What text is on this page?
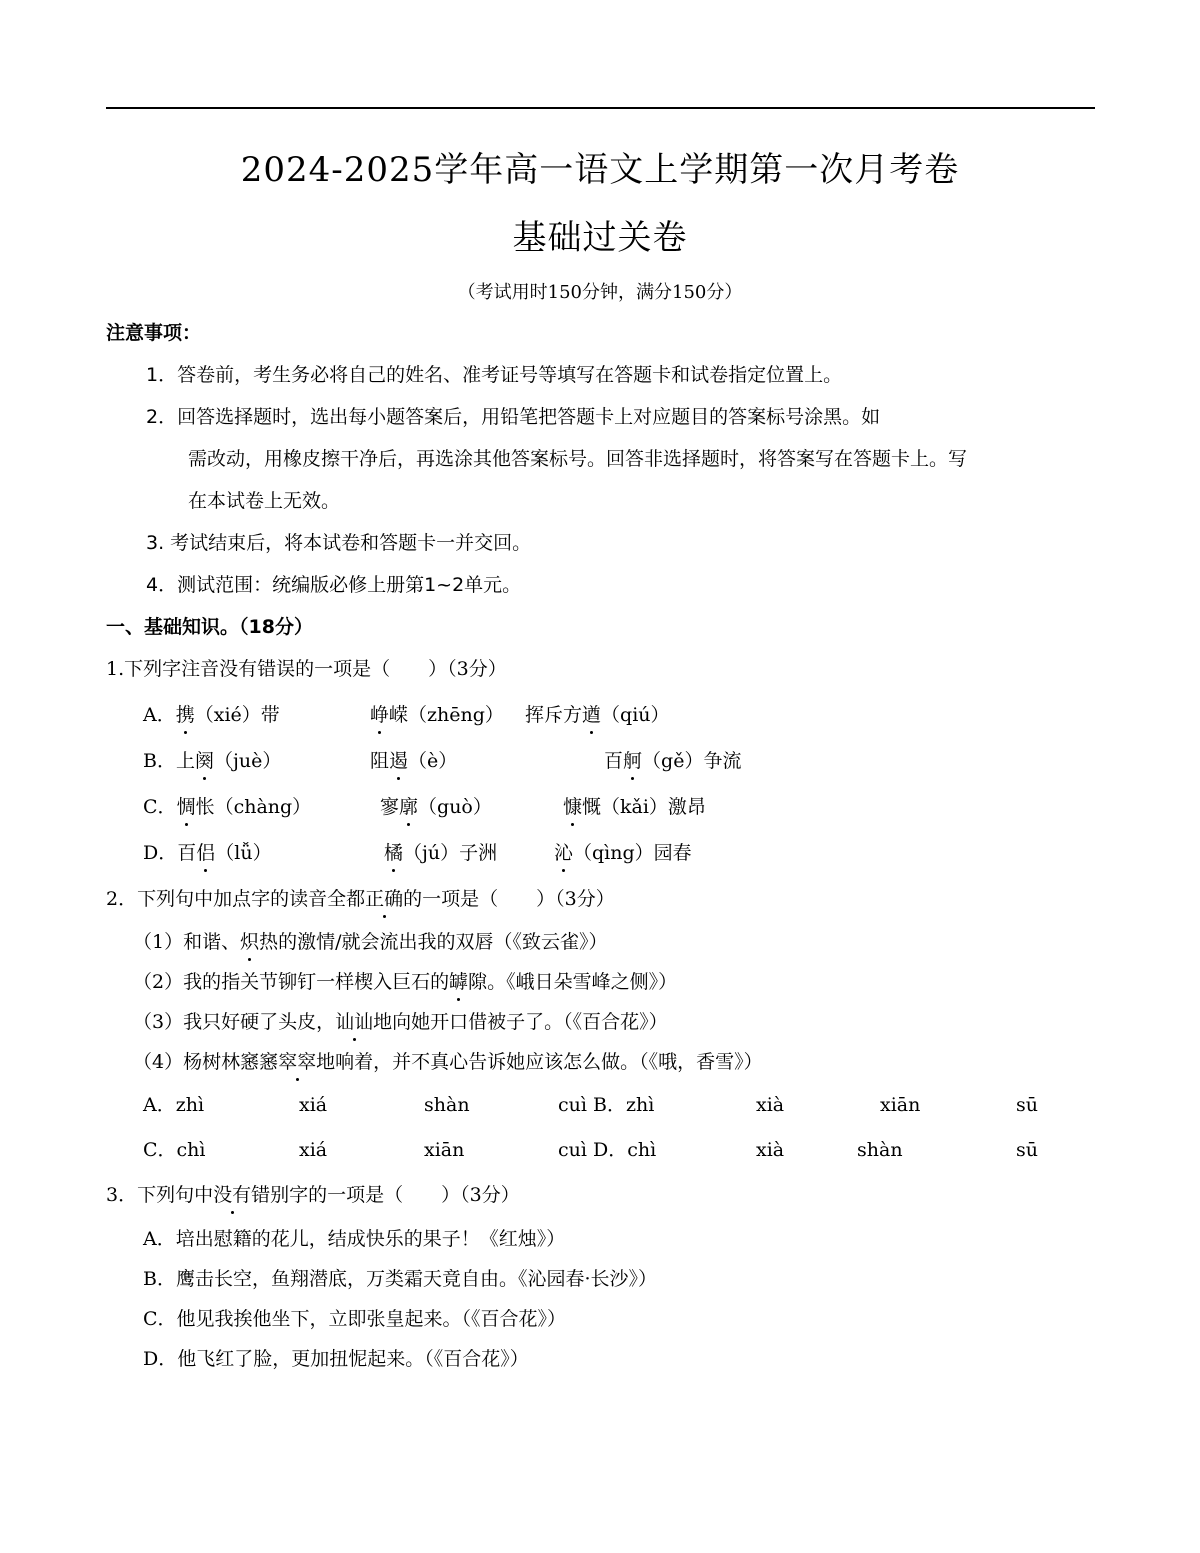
2024-2025学年高一语文上学期第一次月考卷
基础过关卷
（考试用时150分钟，满分150分）
注意事项：
1．答卷前，考生务必将自己的姓名、准考证号等填写在答题卡和试卷指定位置上。
2．回答选择题时，选出每小题答案后，用铅笔把答题卡上对应题目的答案标号涂黑。如
需改动，用橡皮擦干净后，再选涂其他答案标号。回答非选择题时，将答案写在答题卡上。写
在本试卷上无效。
3. 考试结束后，将本试卷和答题卡一并交回。
4．测试范围：统编版必修上册第1~2单元。
一、基础知识。（18分）
1.下列字注音没有错误的一项是（　　）（3分）
A．携（xié）带	峥嵘（zhēng） 挥斥方遒（qiú）
B．上阕（juè）	阻遏（è）	百舸（gě）争流
C．惆怅（chàng）	寥廓（guò）	慷慨（kǎi）激昂
D．百侣（lǚ）	橘（jú）子洲	沁（qìng）园春
2．下列句中加点字的读音全都正确的一项是（　　）（3分）
（1）和谐、炽热的激情/就会流出我的双唇（《致云雀》）
（2）我的指关节铆钉一样楔入巨石的罅隙。《峨日朵雪峰之侧》）
（3）我只好硬了头皮，讪讪地向她开口借被子了。（《百合花》）
（4）杨树林窸窸窣窣地响着，并不真心告诉她应该怎么做。（《哦，香雪》）
A．zhì	xiá	shàn	cuì B．zhì	xià	xiān	sū
C．chì	xiá	xiān	cuì D．chì	xià	shàn	sū
3．下列句中没有错别字的一项是（　　）（3分）
A．培出慰籍的花儿，结成快乐的果子！《红烛》）
B．鹰击长空，鱼翔潜底，万类霜天竟自由。《沁园春·长沙》）
C．他见我挨他坐下，立即张皇起来。（《百合花》）
D．他飞红了脸，更加扭怩起来。（《百合花》）
